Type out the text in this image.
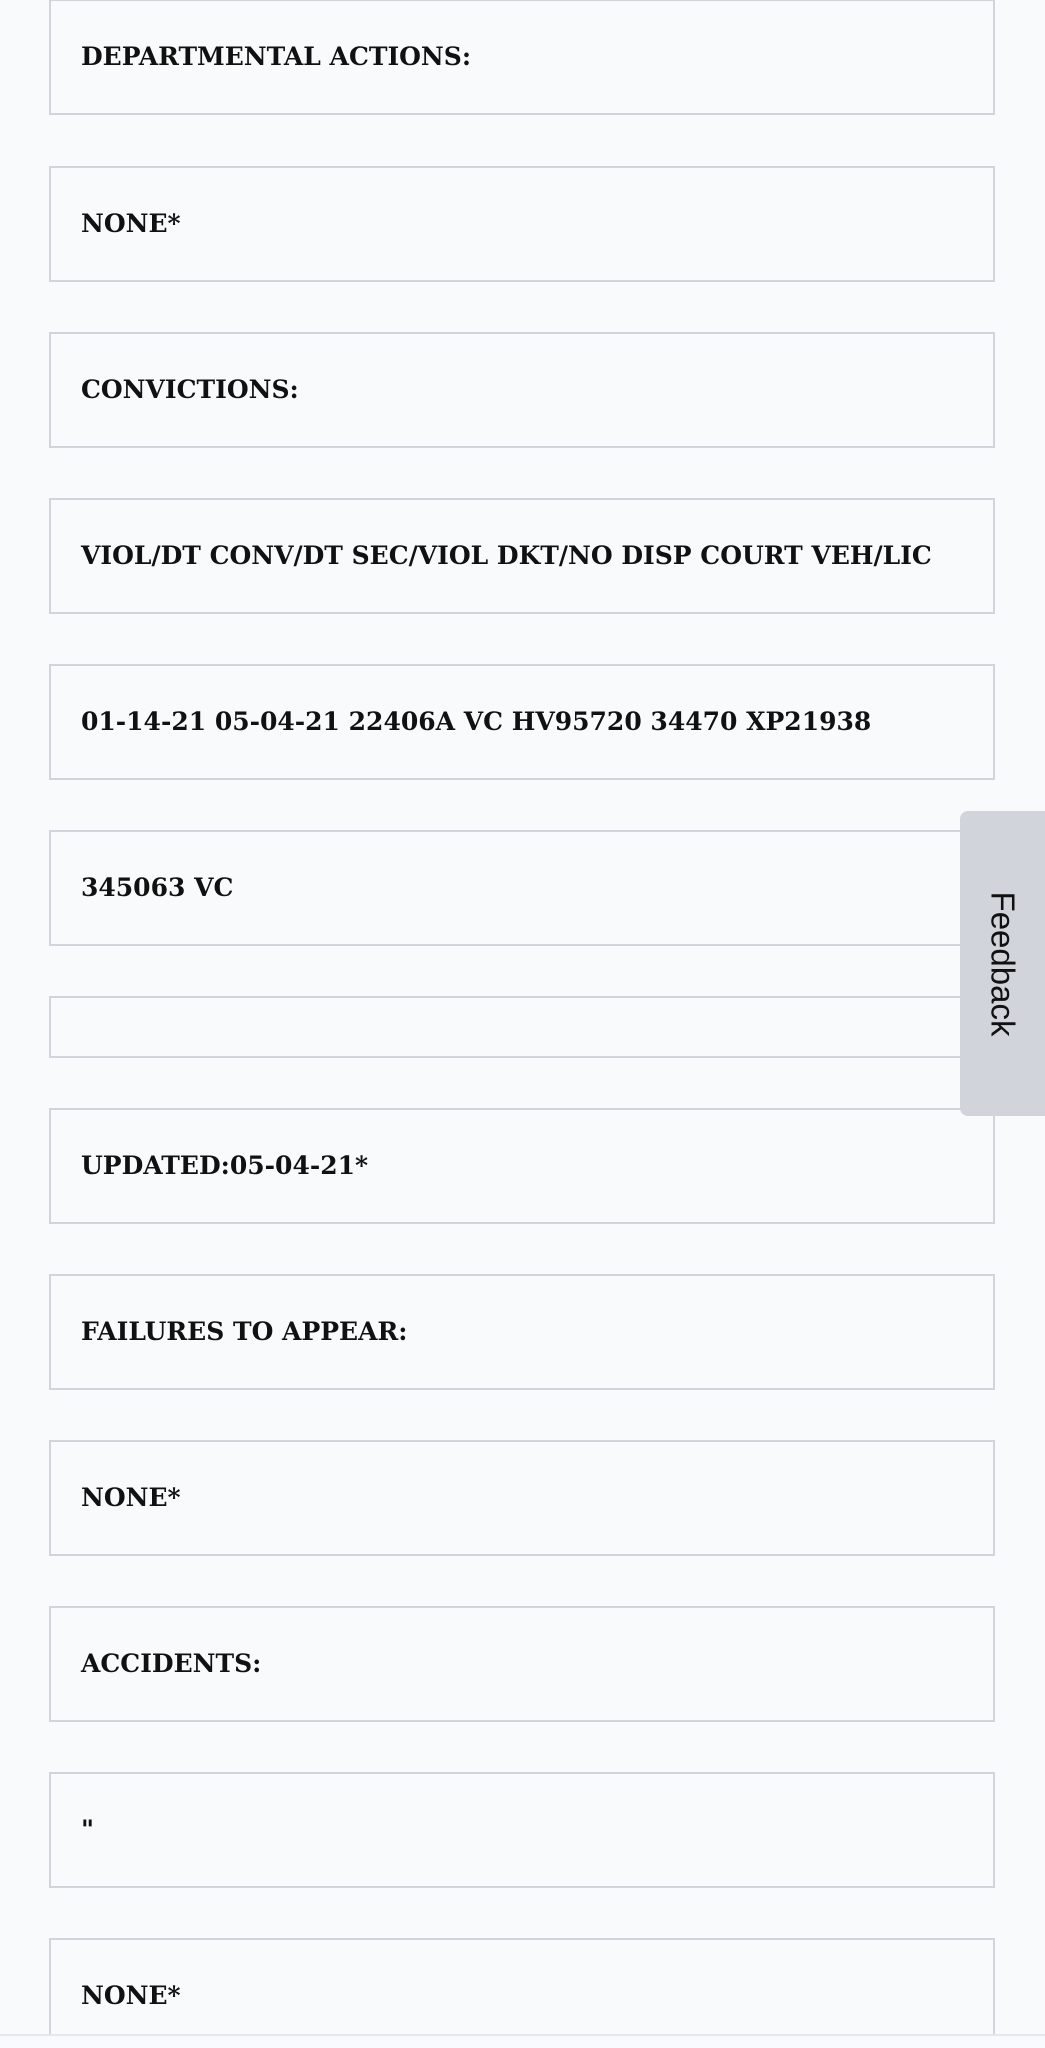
DEPARTMENTAL ACTIONS:
NONE*
CONVICTIONS:
VIOL/DT CONV/DT SEC/VIOL DKT/NO DISP COURT VEH/LIC
01-14-21 05-04-21 22406A VC HV95720 34470 XP21938
345063 VC
UPDATED:05-04-21*
FAILURES TO APPEAR:
NONE*
ACCIDENTS:
"
NONE*
Feedback
